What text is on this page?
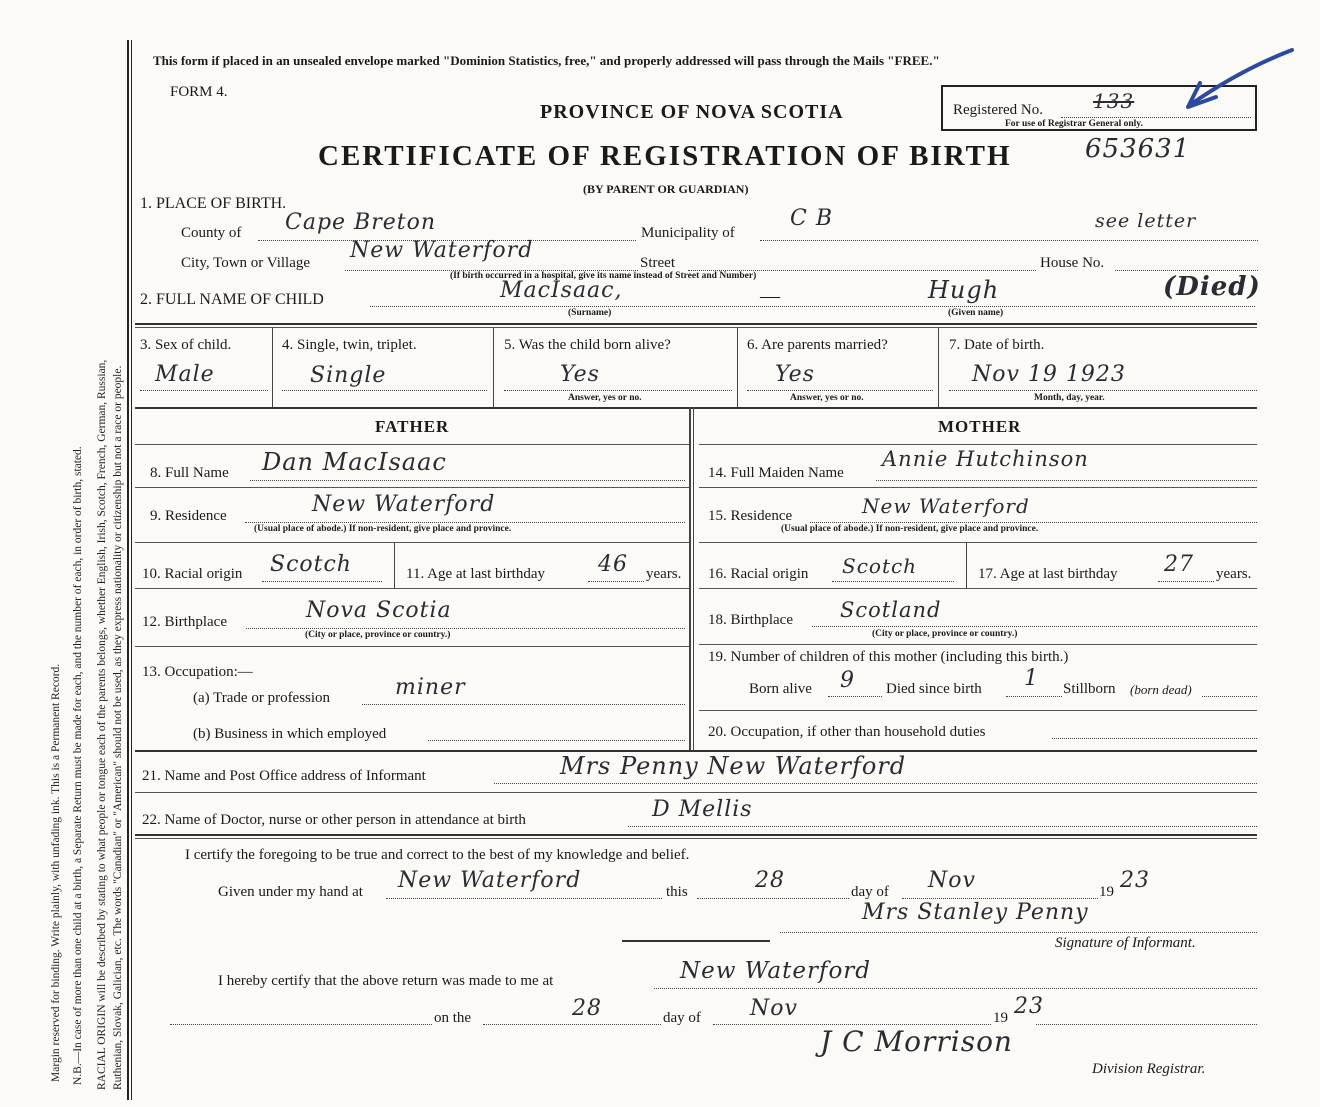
Margin reserved for binding. Write plainly, with unfading ink. This is a Permanent Record. N.B.—In case of more than one child at a birth, a Separate Return must be made for each, and the number of each, in order of birth, stated. RACIAL ORIGIN will be described by stating to what people or tongue each of the parents belongs, whether English, Irish, Scotch, French, German, Russian, Ruthenian, Slovak, Galician, etc. The words "Canadian" or "American" should not be used, as they express nationality or citizenship but not a race or people.
This form if placed in an unsealed envelope marked "Dominion Statistics, free," and properly addressed will pass through the Mails "FREE."
FORM 4.
PROVINCE OF NOVA SCOTIA
CERTIFICATE OF REGISTRATION OF BIRTH	653631
(BY PARENT OR GUARDIAN)
Registered No.	133
For use of Registrar General only.
1. PLACE OF BIRTH.
County of Cape Breton	Municipality of
C B	see letter
City, Town or Village New Waterford	Street	House No.
(If birth occurred in a hospital, give its name instead of Street and Number)
2. FULL NAME OF CHILD	MacIsaac,
(Surname)
—	Hugh
(Given name)
(Died)
3. Sex of child.
Male
4. Single, twin, triplet.
Single
5. Was the child born alive?
Yes
Answer, yes or no.
6. Are parents married?
Yes
Answer, yes or no.
7. Date of birth.
Nov 19 1923
Month, day, year.
FATHER	MOTHER
8. Full Name Dan MacIsaac
9. Residence	New Waterford
(Usual place of abode.) If non-resident, give place and province.
10. Racial origin Scotch	11. Age at last birthday 46 years.
12. Birthplace	Nova Scotia
(City or place, province or country.)
13. Occupation:—
(a) Trade or profession	miner
(b) Business in which employed
14. Full Maiden Name
Annie Hutchinson
15. Residence	New Waterford
(Usual place of abode.) If non-resident, give place and province.
16. Racial origin Scotch	17. Age at last birthday 27 years.
18. Birthplace Scotland
(City or place, province or country.)
19. Number of children of this mother (including this birth.)
Born alive 9 Died since birth 1 Stillborn (born dead)
20. Occupation, if other than household duties
21. Name and Post Office address of Informant	Mrs Penny New Waterford
22. Name of Doctor, nurse or other person in attendance at birth	D Mellis
I certify the foregoing to be true and correct to the best of my knowledge and belief.
Given under my hand at New Waterford	this	28	day of Nov	19 23
Mrs Stanley Penny
Signature of Informant.
I hereby certify that the above return was made to me at	New Waterford
on the	28	day of Nov	19 23
J C Morrison
Division Registrar.
